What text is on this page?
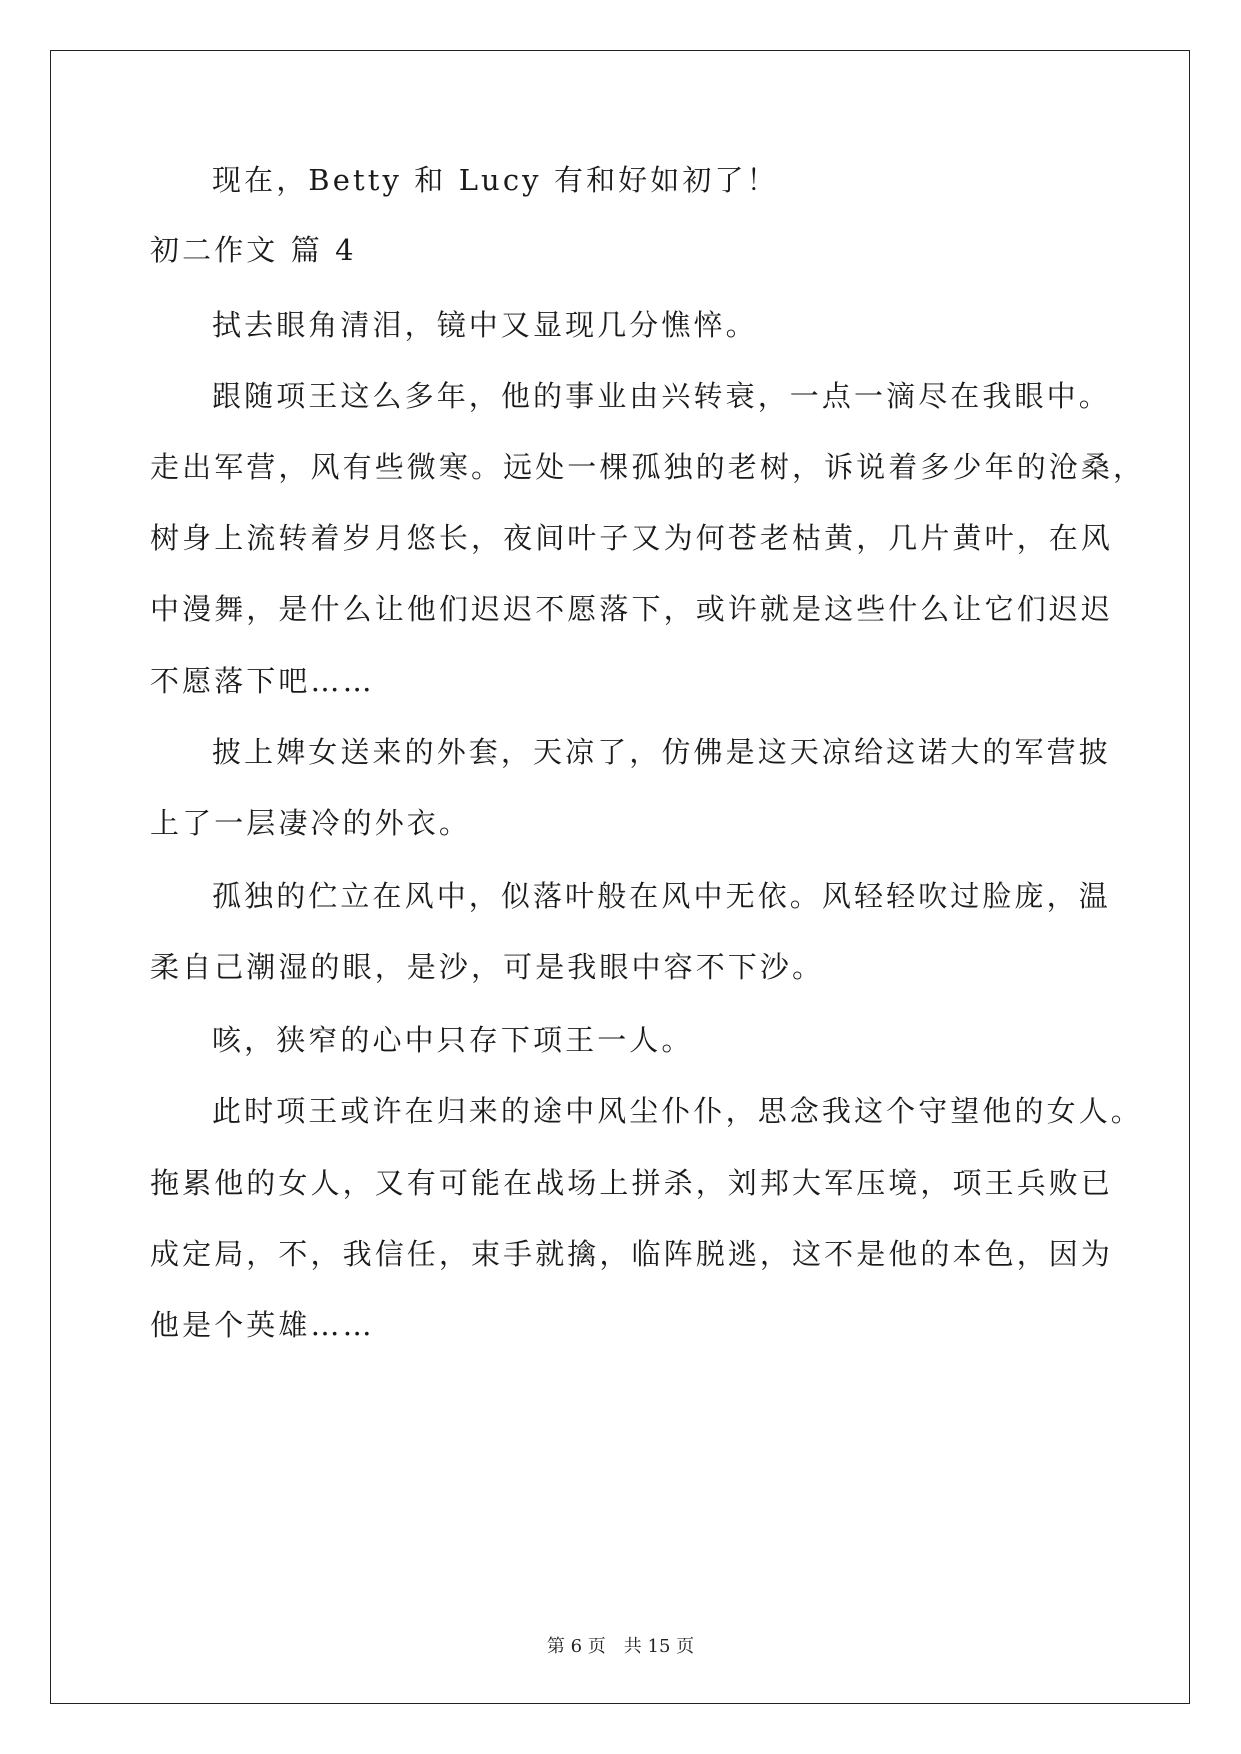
现在，Betty 和 Lucy 有和好如初了！
初二作文 篇 4
拭去眼角清泪，镜中又显现几分憔悴。
跟随项王这么多年，他的事业由兴转衰，一点一滴尽在我眼中。
走出军营，风有些微寒。远处一棵孤独的老树，诉说着多少年的沧桑，
树身上流转着岁月悠长，夜间叶子又为何苍老枯黄，几片黄叶，在风
中漫舞，是什么让他们迟迟不愿落下，或许就是这些什么让它们迟迟
不愿落下吧……
披上婢女送来的外套，天凉了，仿佛是这天凉给这诺大的军营披
上了一层凄冷的外衣。
孤独的伫立在风中，似落叶般在风中无依。风轻轻吹过脸庞，温
柔自己潮湿的眼，是沙，可是我眼中容不下沙。
咳，狭窄的心中只存下项王一人。
此时项王或许在归来的途中风尘仆仆，思念我这个守望他的女人。
拖累他的女人，又有可能在战场上拼杀，刘邦大军压境，项王兵败已
成定局，不，我信任，束手就擒，临阵脱逃，这不是他的本色，因为
他是个英雄……
第 6 页　共 15 页
